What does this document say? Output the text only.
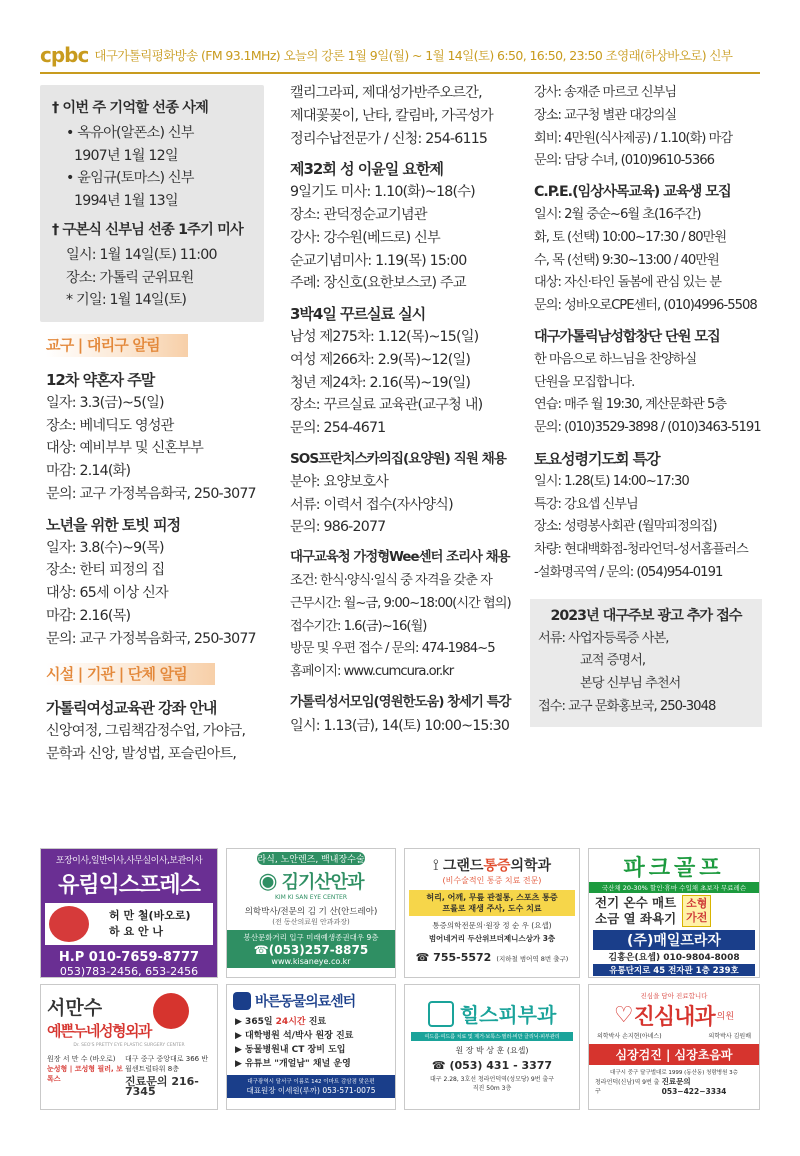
cpbc 대구가톨릭평화방송 (FM 93.1MHz) 오늘의 강론 1월 9일(월) ~ 1월 14일(토) 6:50, 16:50, 23:50 조영래(하상바오로) 신부
† 이번 주 기억할 선종 사제
• 옥유아(알폰소) 신부
1907년 1월 12일
• 윤임규(토마스) 신부
1994년 1월 13일
† 구본식 신부님 선종 1주기 미사
일시: 1월 14일(토) 11:00
장소: 가톨릭 군위묘원
* 기일: 1월 14일(토)
교구 | 대리구 알림
12차 약혼자 주말
일자: 3.3(금)~5(일)
장소: 베네딕도 영성관
대상: 예비부부 및 신혼부부
마감: 2.14(화)
문의: 교구 가정복음화국, 250-3077
노년을 위한 토빗 피정
일자: 3.8(수)~9(목)
장소: 한티 피정의 집
대상: 65세 이상 신자
마감: 2.16(목)
문의: 교구 가정복음화국, 250-3077
시설 | 기관 | 단체 알림
가톨릭여성교육관 강좌 안내
신앙여정, 그림책감정수업, 가야금,
문학과 신앙, 발성법, 포슬린아트,
캘리그라피, 제대성가반주오르간,
제대꽃꽂이, 난타, 칼림바, 가곡성가
정리수납전문가 / 신청: 254-6115
제32회 성 이윤일 요한제
9일기도 미사: 1.10(화)~18(수)
장소: 관덕정순교기념관
강사: 강수원(베드로) 신부
순교기념미사: 1.19(목) 15:00
주례: 장신호(요한보스코) 주교
3박4일 꾸르실료 실시
남성 제275차: 1.12(목)~15(일)
여성 제266차: 2.9(목)~12(일)
청년 제24차: 2.16(목)~19(일)
장소: 꾸르실료 교육관(교구청 내)
문의: 254-4671
SOS프란치스카의집(요양원) 직원 채용
분야: 요양보호사
서류: 이력서 접수(자사양식)
문의: 986-2077
대구교육청 가정형Wee센터 조리사 채용
조건: 한식·양식·일식 중 자격을 갖춘 자
근무시간: 월~금, 9:00~18:00(시간 협의)
접수기간: 1.6(금)~16(월)
방문 및 우편 접수 / 문의: 474-1984~5
홈페이지: www.cumcura.or.kr
가톨릭성서모임(영원한도움) 창세기 특강
일시: 1.13(금), 14(토) 10:00~15:30
강사: 송재준 마르코 신부님
장소: 교구청 별관 대강의실
회비: 4만원(식사제공) / 1.10(화) 마감
문의: 담당 수녀, (010)9610-5366
C.P.E.(임상사목교육) 교육생 모집
일시: 2월 중순~6월 초(16주간)
화, 토 (선택) 10:00~17:30 / 80만원
수, 목 (선택) 9:30~13:00 / 40만원
대상: 자신·타인 돌봄에 관심 있는 분
문의: 성바오로CPE센터, (010)4996-5508
대구가톨릭남성합창단 단원 모집
한 마음으로 하느님을 찬양하실
단원을 모집합니다.
연습: 매주 월 19:30, 계산문화관 5층
문의: (010)3529-3898 / (010)3463-5191
토요성령기도회 특강
일시: 1.28(토) 14:00~17:30
특강: 강요셉 신부님
장소: 성령봉사회관 (월막피정의집)
차량: 현대백화점-청라언덕-성서홈플러스
-설화명곡역 / 문의: (054)954-0191
2023년 대구주보 광고 추가 접수
서류: 사업자등록증 사본,
교적 증명서,
본당 신부님 추천서
접수: 교구 문화홍보국, 250-3048
포장이사,일반이사,사무실이사,보관이사
유림익스프레스
허 만 철(바오로)
하 요 안 나
H.P 010-7659-8777
053)783-2456, 653-2456
라식, 노안렌즈, 백내장수술
◉ 김기산안과
KIM KI SAN EYE CENTER
의학박사/전문의 김 기 산(안드레아)
(전 동산의료원 안과과장)
봉산문화거리 입구 미래예생종권대우 9층
☎(053)257-8875
www.kisaneye.co.kr
⟟ 그랜드 통증 의학과
(비수술적인 통증 치료 전문)
허리, 어깨, 무릎 관절통, 스포츠 통증
프롤로 재생 주사, 도수 치료
통증의학전문의·원장 정 순 우 (요셉)
범어네거리 두산위브더제니스상가 3층
☎ 755-5572 (지하철 범어역 8번 출구)
파크골프
국산채 20-30% 할인·휴마 수입채 초보자 무료레슨
전기 온수 매트
소금 열 좌욕기
소형
가전
(주)매일프라자
김홍은(요셉) 010-9804-8008
유통단지로 45 전자관 1층 239호
서만수
예쁜누네성형외과
Dr. SEO'S PRETTY EYE PLASTIC SURGERY CENTER
원장 서 만 수 (바오로)
눈성형 | 코성형 필러, 보톡스
대구 중구 중앙대로 366 반월센트럴타워 8층
진료문의 216-7345
바른동물의료센터
▶ 365일 24시간 진료
▶ 대학병원 석/박사 원장 진료
▶ 동물병원내 CT 장비 도입
▶ 유튜브 "개얼남" 채널 운영
대구광역시 달서구 이름로 142 이마트 감삼점 맞은편
대표원장 이세원(루까) 053-571-0075
힐스피부과
여드름·여드름 치료 및 제거·보톡스·필러·비만 클리닉·피부관리
원 장 박 상 훈 (요셉)
☎ (053) 431 - 3377
대구 2.28, 3호선 청라언덕역(성모당) 9번 출구
직진 50m 3층
진심을 담아 진료합니다
♡ 진심내과 의원
의학박사 손지현(아녜스)	의학박사 김원배
심장검진 | 심장초음파
대구시 중구 달구벌대로 1999 (동산동) 청람병원 3층
청라언덕(신남)역 9번 출구
진료문의 053−422−3334
